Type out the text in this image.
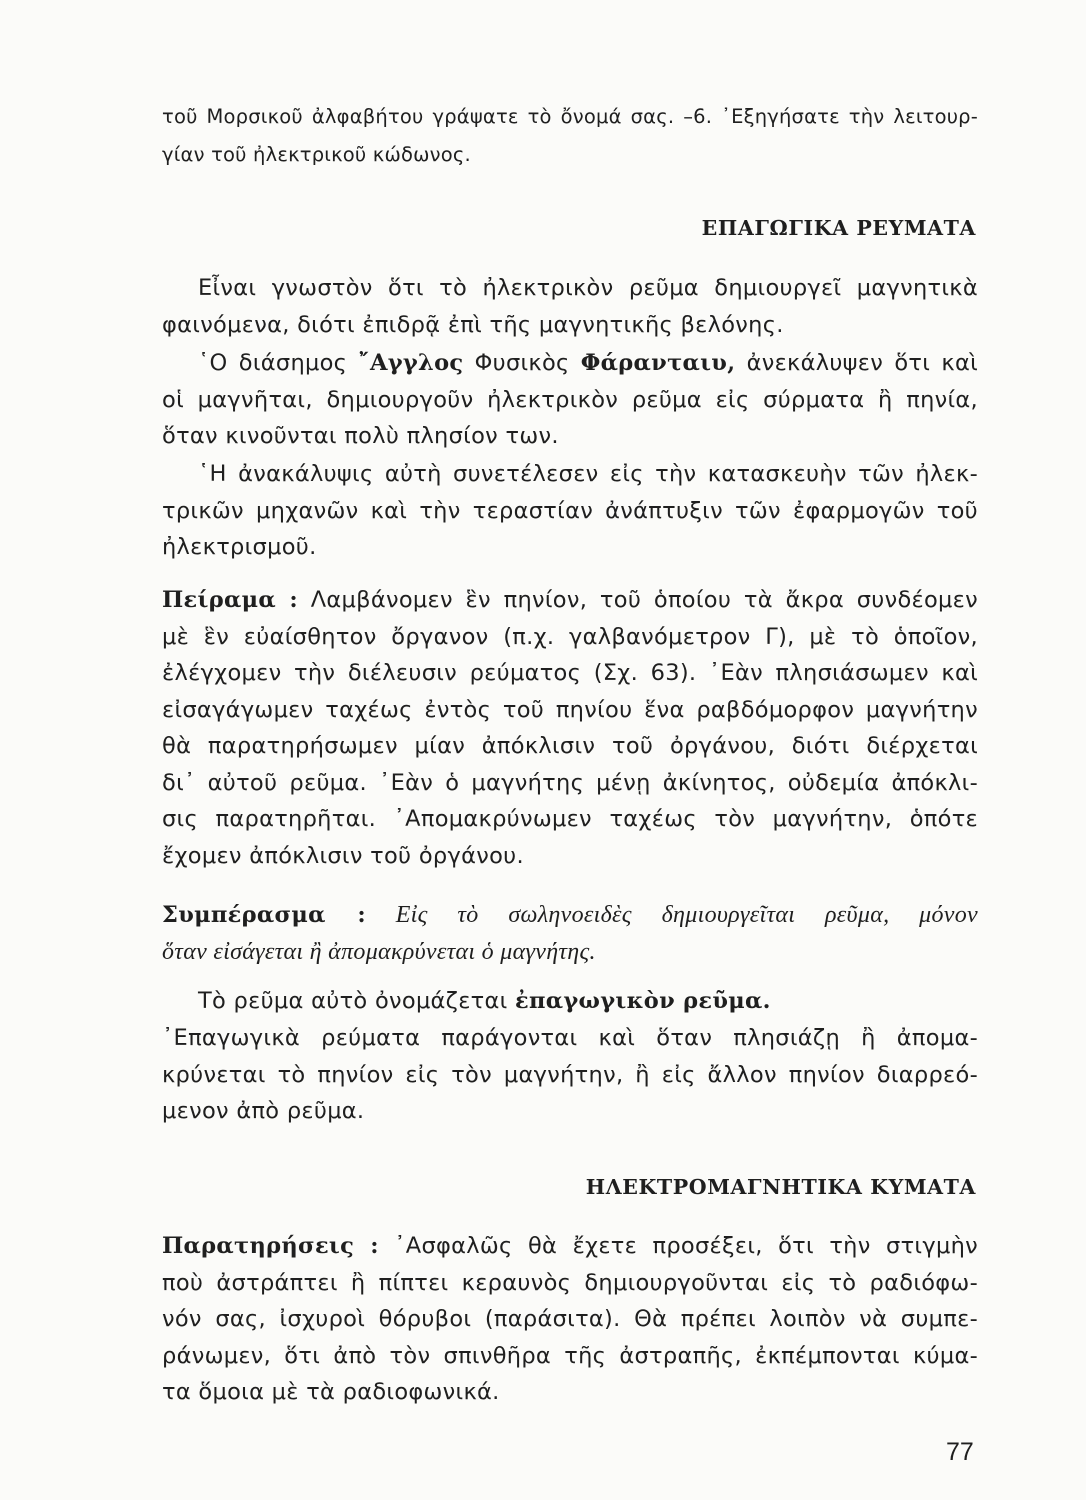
τοῦ Μορσικοῦ ἀλφαβήτου γράψατε τὸ ὄνομά σας. –6. ᾿Εξηγήσατε τὴν λειτουρ-

γίαν τοῦ ἠλεκτρικοῦ κώδωνος.

ΕΠΑΓΩΓΙΚΑ ΡΕΥΜΑΤΑ

Εἶναι γνωστὸν ὅτι τὸ ἠλεκτρικὸν ρεῦμα δημιουργεῖ μαγνητικὰ

φαινόμενα, διότι ἐπιδρᾷ ἐπὶ τῆς μαγνητικῆς βελόνης.

῾Ο διάσημος ῎Αγγλος Φυσικὸς Φάρανταιυ, ἀνεκάλυψεν ὅτι καὶ

οἱ μαγνῆται, δημιουργοῦν ἠλεκτρικὸν ρεῦμα εἰς σύρματα ἢ πηνία,

ὅταν κινοῦνται πολὺ πλησίον των.

῾Η ἀνακάλυψις αὐτὴ συνετέλεσεν εἰς τὴν κατασκευὴν τῶν ἠλεκ-

τρικῶν μηχανῶν καὶ τὴν τεραστίαν ἀνάπτυξιν τῶν ἐφαρμογῶν τοῦ

ἠλεκτρισμοῦ.

Πείραμα : Λαμβάνομεν ἓν πηνίον, τοῦ ὁποίου τὰ ἄκρα συνδέομεν

μὲ ἓν εὐαίσθητον ὄργανον (π.χ. γαλβανόμετρον Γ), μὲ τὸ ὁποῖον,

ἐλέγχομεν τὴν διέλευσιν ρεύματος (Σχ. 63). ᾿Εὰν πλησιάσωμεν καὶ

εἰσαγάγωμεν ταχέως ἐντὸς τοῦ πηνίου ἕνα ραβδόμορφον μαγνήτην

θὰ παρατηρήσωμεν μίαν ἀπόκλισιν τοῦ ὀργάνου, διότι διέρχεται

δι᾿ αὐτοῦ ρεῦμα. ᾿Εὰν ὁ μαγνήτης μένῃ ἀκίνητος, οὐδεμία ἀπόκλι-

σις παρατηρῆται. ᾿Απομακρύνωμεν ταχέως τὸν μαγνήτην, ὁπότε

ἔχομεν ἀπόκλισιν τοῦ ὀργάνου.

Συμπέρασμα : Εἰς τὸ σωληνοειδὲς δημιουργεῖται ρεῦμα, μόνον

ὅταν εἰσάγεται ἢ ἀπομακρύνεται ὁ μαγνήτης.

Τὸ ρεῦμα αὐτὸ ὀνομάζεται ἐπαγωγικὸν ρεῦμα.

᾿Επαγωγικὰ ρεύματα παράγονται καὶ ὅταν πλησιάζῃ ἢ ἀπομα-

κρύνεται τὸ πηνίον εἰς τὸν μαγνήτην, ἢ εἰς ἄλλον πηνίον διαρρεό-

μενον ἀπὸ ρεῦμα.

ΗΛΕΚΤΡΟΜΑΓΝΗΤΙΚΑ ΚΥΜΑΤΑ

Παρατηρήσεις : ᾿Ασφαλῶς θὰ ἔχετε προσέξει, ὅτι τὴν στιγμὴν

ποὺ ἀστράπτει ἢ πίπτει κεραυνὸς δημιουργοῦνται εἰς τὸ ραδιόφω-

νόν σας, ἰσχυροὶ θόρυβοι (παράσιτα). Θὰ πρέπει λοιπὸν νὰ συμπε-

ράνωμεν, ὅτι ἀπὸ τὸν σπινθῆρα τῆς ἀστραπῆς, ἐκπέμπονται κύμα-

τα ὅμοια μὲ τὰ ραδιοφωνικά.

77
